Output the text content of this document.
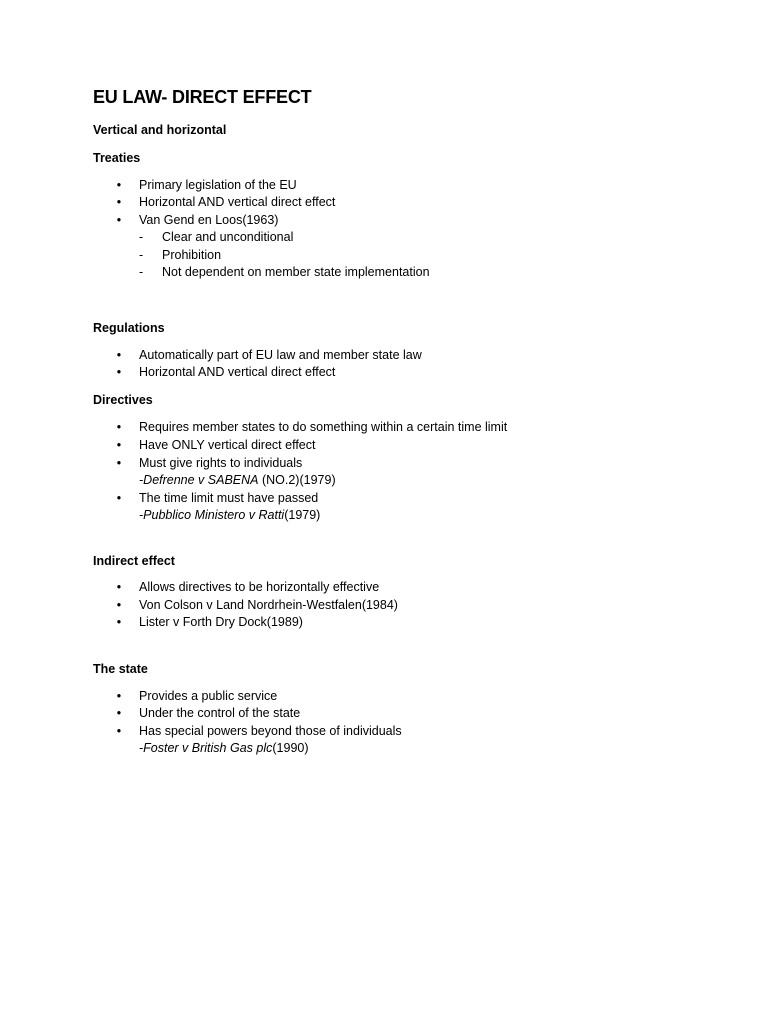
EU LAW- DIRECT EFFECT
Vertical and horizontal
Treaties
• Primary legislation of the EU
• Horizontal AND vertical direct effect
• Van Gend en Loos(1963)
- Clear and unconditional
- Prohibition
- Not dependent on member state implementation
Regulations
• Automatically part of EU law and member state law
• Horizontal AND vertical direct effect
Directives
• Requires member states to do something within a certain time limit
• Have ONLY vertical direct effect
• Must give rights to individuals
-Defrenne v SABENA (NO.2)(1979)
• The time limit must have passed
-Pubblico Ministero v Ratti(1979)
Indirect effect
• Allows directives to be horizontally effective
• Von Colson v Land Nordrhein-Westfalen(1984)
• Lister v Forth Dry Dock(1989)
The state
• Provides a public service
• Under the control of the state
• Has special powers beyond those of individuals
-Foster v British Gas plc(1990)
